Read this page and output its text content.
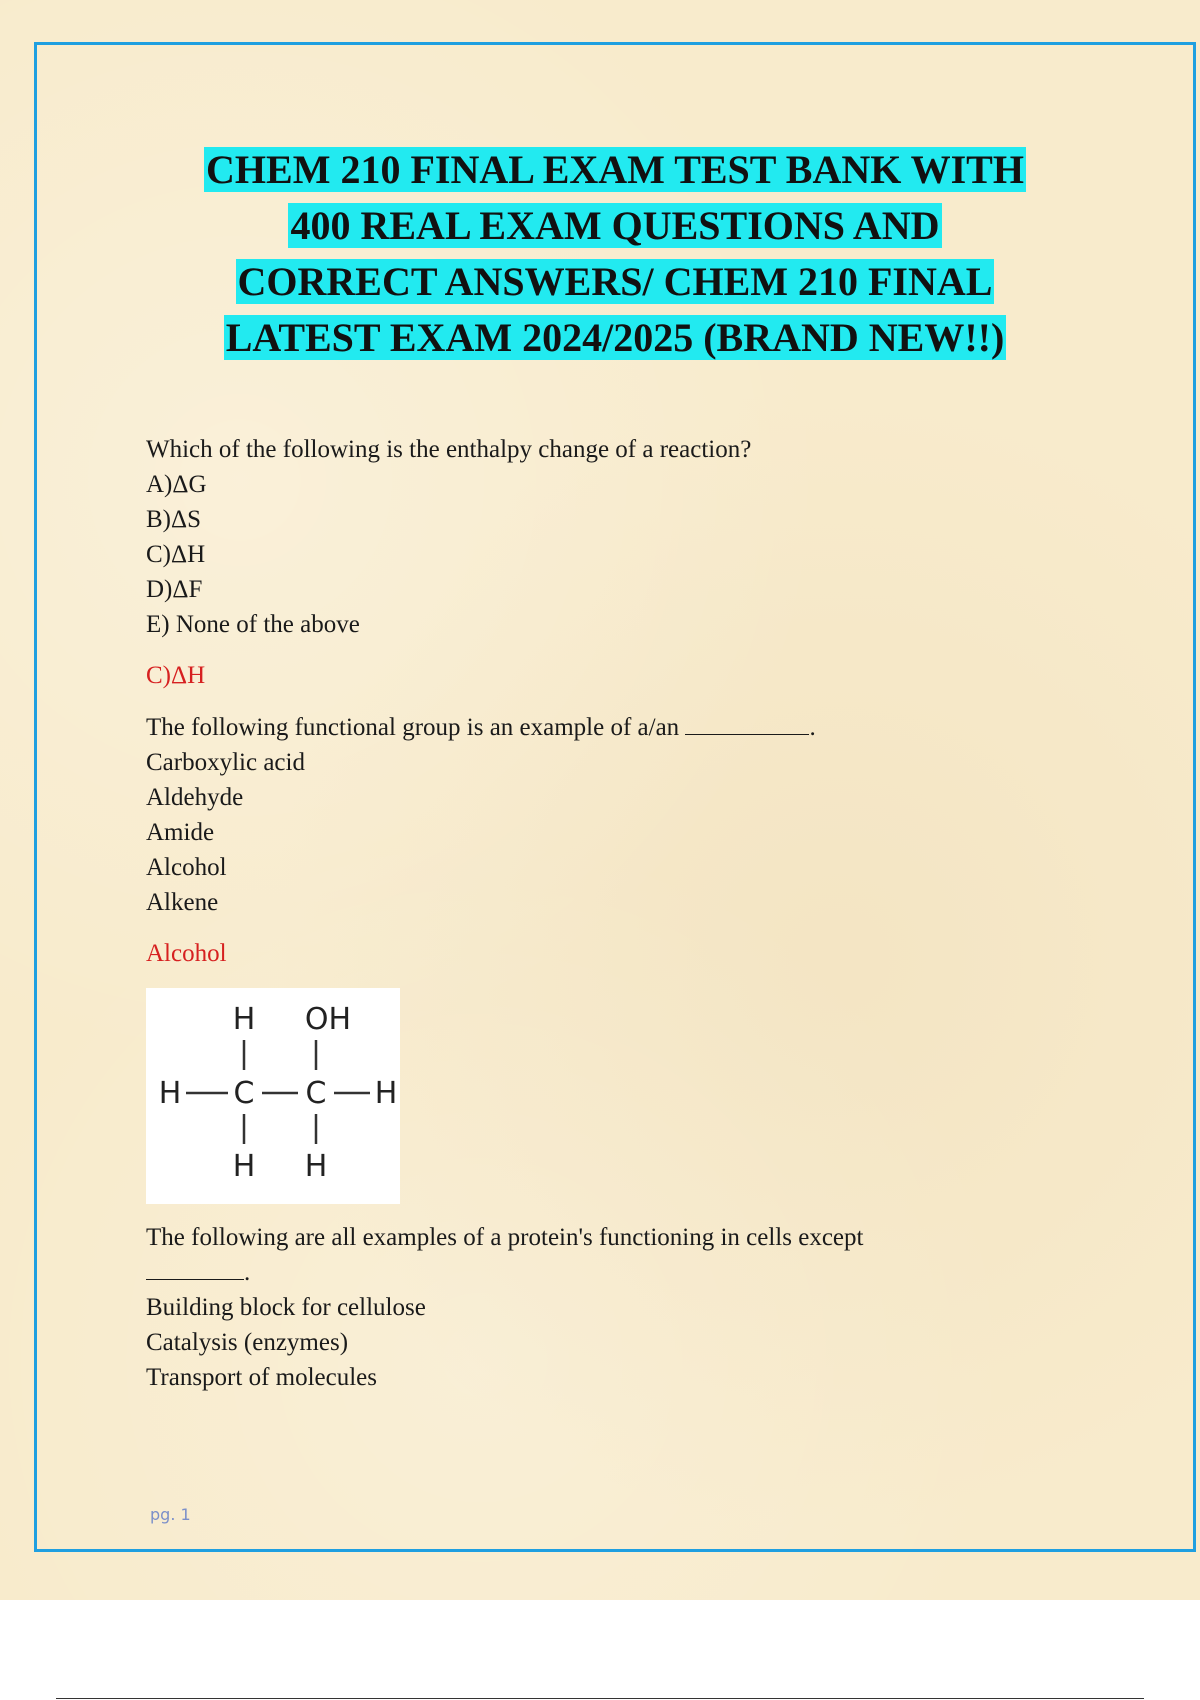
CHEM 210 FINAL EXAM TEST BANK WITH
400 REAL EXAM QUESTIONS AND
CORRECT ANSWERS/ CHEM 210 FINAL
LATEST EXAM 2024/2025 (BRAND NEW!!)

Which of the following is the enthalpy change of a reaction?

A)ΔG

B)ΔS

C)ΔH

D)ΔF

E) None of the above

C)ΔH

The following functional group is an example of a/an	.

Carboxylic acid

Aldehyde

Amide

Alcohol

Alkene

Alcohol

H OH
H C C H
H H

The following are all examples of a protein's functioning in cells except

.

Building block for cellulose

Catalysis (enzymes)

Transport of molecules

pg. 1
